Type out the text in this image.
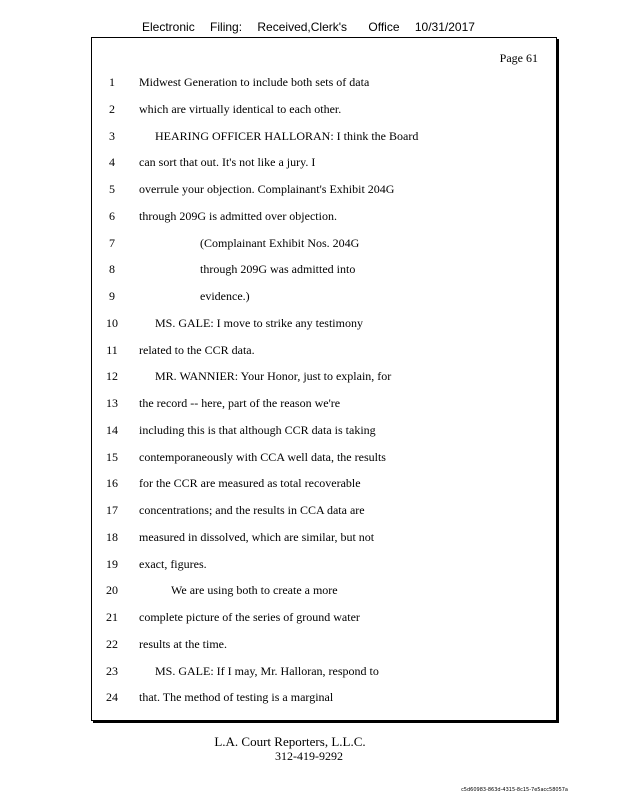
Electronic Filing: Received,Clerk's Office 10/31/2017
Page 61
1
2
3
4
5
6
7
8
9
10
11
12
13
14
15
16
17
18
19
20
21
22
23
24
Midwest Generation to include both sets of data
which are virtually identical to each other.
HEARING OFFICER HALLORAN: I think the Board
can sort that out. It's not like a jury. I
overrule your objection. Complainant's Exhibit 204G
through 209G is admitted over objection.
(Complainant Exhibit Nos. 204G
through 209G was admitted into
evidence.)
MS. GALE: I move to strike any testimony
related to the CCR data.
MR. WANNIER: Your Honor, just to explain, for
the record -- here, part of the reason we're
including this is that although CCR data is taking
contemporaneously with CCA well data, the results
for the CCR are measured as total recoverable
concentrations; and the results in CCA data are
measured in dissolved, which are similar, but not
exact, figures.
We are using both to create a more
complete picture of the series of ground water
results at the time.
MS. GALE: If I may, Mr. Halloran, respond to
that. The method of testing is a marginal
L.A. Court Reporters, L.L.C.
312-419-9292
c5d60983-863d-4315-8c15-7e5acc58057a
